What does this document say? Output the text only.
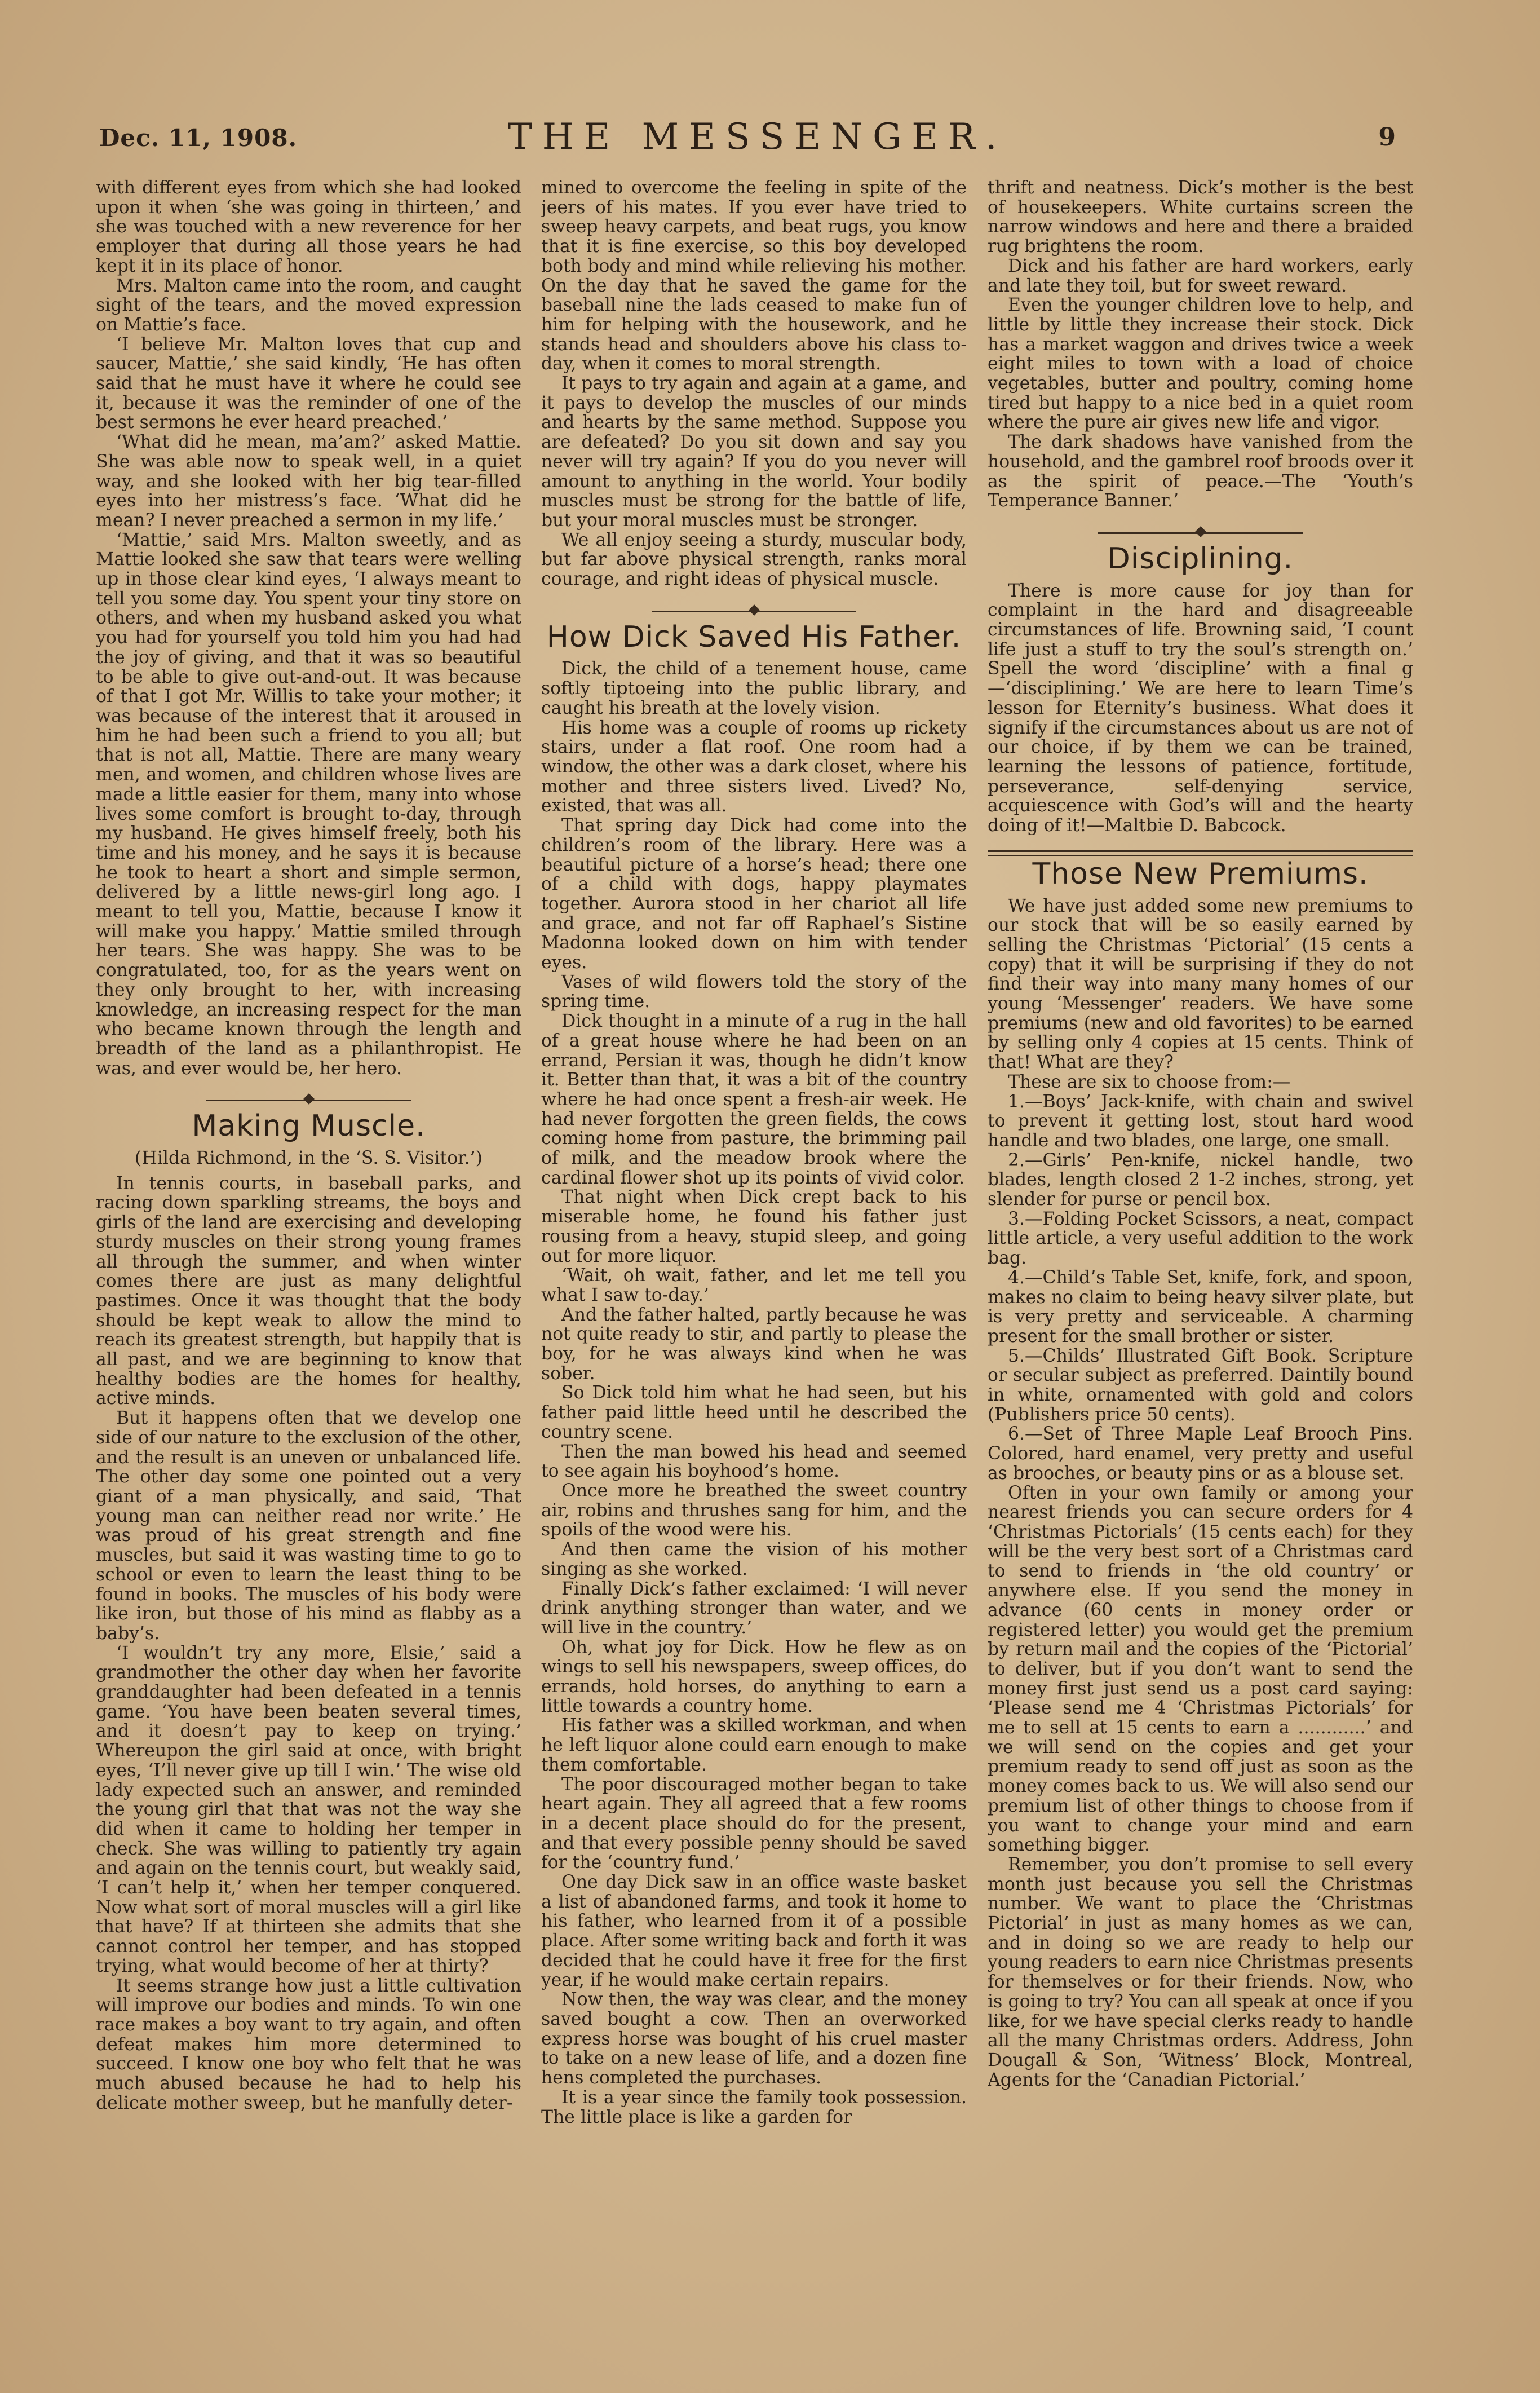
Dec. 11, 1908.	THE MESSENGER.	9

with different eyes from which she had looked upon it when ‘she was going in thirteen,’ and she was touched with a new reverence for her employer that during all those years he had kept it in its place of honor.

Mrs. Malton came into the room, and caught sight of the tears, and the moved expression on Mattie’s face.

‘I believe Mr. Malton loves that cup and saucer, Mattie,’ she said kindly, ‘He has often said that he must have it where he could see it, because it was the reminder of one of the best sermons he ever heard preached.’

‘What did he mean, ma’am?’ asked Mattie. She was able now to speak well, in a quiet way, and she looked with her big tear-filled eyes into her mistress’s face. ‘What did he mean? I never preached a sermon in my life.’

‘Mattie,’ said Mrs. Malton sweetly, and as Mattie looked she saw that tears were welling up in those clear kind eyes, ‘I always meant to tell you some day. You spent your tiny store on others, and when my husband asked you what you had for yourself you told him you had had the joy of giving, and that it was so beautiful to be able to give out-and-out. It was because of that I got Mr. Willis to take your mother; it was because of the interest that it aroused in him he had been such a friend to you all; but that is not all, Mattie. There are many weary men, and women, and children whose lives are made a little easier for them, many into whose lives some comfort is brought to-day, through my husband. He gives himself freely, both his time and his money, and he says it is because he took to heart a short and simple sermon, delivered by a little news-girl long ago. I meant to tell you, Mattie, because I know it will make you happy.’ Mattie smiled through her tears. She was happy. She was to be congratulated, too, for as the years went on they only brought to her, with increasing knowledge, an increasing respect for the man who became known through the length and breadth of the land as a philanthropist. He was, and ever would be, her hero.

Making Muscle.

(Hilda Richmond, in the ‘S. S. Visitor.’)

In tennis courts, in baseball parks, and racing down sparkling streams, the boys and girls of the land are exercising and developing sturdy muscles on their strong young frames all through the summer, and when winter comes there are just as many delightful pastimes. Once it was thought that the body should be kept weak to allow the mind to reach its greatest strength, but happily that is all past, and we are beginning to know that healthy bodies are the homes for healthy, active minds.

But it happens often that we develop one side of our nature to the exclusion of the other, and the result is an uneven or unbalanced life. The other day some one pointed out a very giant of a man physically, and said, ‘That young man can neither read nor write.’ He was proud of his great strength and fine muscles, but said it was wasting time to go to school or even to learn the least thing to be found in books. The muscles of his body were like iron, but those of his mind as flabby as a baby’s.

‘I wouldn’t try any more, Elsie,’ said a grandmother the other day when her favorite granddaughter had been defeated in a tennis game. ‘You have been beaten several times, and it doesn’t pay to keep on trying.’ Whereupon the girl said at once, with bright eyes, ‘I’ll never give up till I win.’ The wise old lady expected such an answer, and reminded the young girl that that was not the way she did when it came to holding her temper in check. She was willing to patiently try again and again on the tennis court, but weakly said, ‘I can’t help it,’ when her temper conquered. Now what sort of moral muscles will a girl like that have? If at thirteen she admits that she cannot control her temper, and has stopped trying, what would become of her at thirty?

It seems strange how just a little cultivation will improve our bodies and minds. To win one race makes a boy want to try again, and often defeat makes him more determined to succeed. I know one boy who felt that he was much abused because he had to help his delicate mother sweep, but he manfully deter-

mined to overcome the feeling in spite of the jeers of his mates. If you ever have tried to sweep heavy carpets, and beat rugs, you know that it is fine exercise, so this boy developed both body and mind while relieving his mother. On the day that he saved the game for the baseball nine the lads ceased to make fun of him for helping with the housework, and he stands head and shoulders above his class to-day, when it comes to moral strength.

It pays to try again and again at a game, and it pays to develop the muscles of our minds and hearts by the same method. Suppose you are defeated? Do you sit down and say you never will try again? If you do you never will amount to anything in the world. Your bodily muscles must be strong for the battle of life, but your moral muscles must be stronger.

We all enjoy seeing a sturdy, muscular body, but far above physical strength, ranks moral courage, and right ideas of physical muscle.

How Dick Saved His Father.

Dick, the child of a tenement house, came softly tiptoeing into the public library, and caught his breath at the lovely vision.

His home was a couple of rooms up rickety stairs, under a flat roof. One room had a window, the other was a dark closet, where his mother and three sisters lived. Lived? No, existed, that was all.

That spring day Dick had come into the children’s room of the library. Here was a beautiful picture of a horse’s head; there one of a child with dogs, happy playmates together. Aurora stood in her chariot all life and grace, and not far off Raphael’s Sistine Madonna looked down on him with tender eyes.

Vases of wild flowers told the story of the spring time.

Dick thought in a minute of a rug in the hall of a great house where he had been on an errand, Persian it was, though he didn’t know it. Better than that, it was a bit of the country where he had once spent a fresh-air week. He had never forgotten the green fields, the cows coming home from pasture, the brimming pail of milk, and the meadow brook where the cardinal flower shot up its points of vivid color.

That night when Dick crept back to his miserable home, he found his father just rousing from a heavy, stupid sleep, and going out for more liquor.

‘Wait, oh wait, father, and let me tell you what I saw to-day.’

And the father halted, partly because he was not quite ready to stir, and partly to please the boy, for he was always kind when he was sober.

So Dick told him what he had seen, but his father paid little heed until he described the country scene.

Then the man bowed his head and seemed to see again his boyhood’s home.

Once more he breathed the sweet country air, robins and thrushes sang for him, and the spoils of the wood were his.

And then came the vision of his mother singing as she worked.

Finally Dick’s father exclaimed: ‘I will never drink anything stronger than water, and we will live in the country.’

Oh, what joy for Dick. How he flew as on wings to sell his newspapers, sweep offices, do errands, hold horses, do anything to earn a little towards a country home.

His father was a skilled workman, and when he left liquor alone could earn enough to make them comfortable.

The poor discouraged mother began to take heart again. They all agreed that a few rooms in a decent place should do for the present, and that every possible penny should be saved for the ‘country fund.’

One day Dick saw in an office waste basket a list of abandoned farms, and took it home to his father, who learned from it of a possible place. After some writing back and forth it was decided that he could have it free for the first year, if he would make certain repairs.

Now then, the way was clear, and the money saved bought a cow. Then an overworked express horse was bought of his cruel master to take on a new lease of life, and a dozen fine hens completed the purchases.

It is a year since the family took possession. The little place is like a garden for

thrift and neatness. Dick’s mother is the best of housekeepers. White curtains screen the narrow windows and here and there a braided rug brightens the room.

Dick and his father are hard workers, early and late they toil, but for sweet reward.

Even the younger children love to help, and little by little they increase their stock. Dick has a market waggon and drives twice a week eight miles to town with a load of choice vegetables, butter and poultry, coming home tired but happy to a nice bed in a quiet room where the pure air gives new life and vigor.

The dark shadows have vanished from the household, and the gambrel roof broods over it as the spirit of peace.—The ‘Youth’s Temperance Banner.’

Disciplining.

There is more cause for joy than for complaint in the hard and disagreeable circumstances of life. Browning said, ‘I count life just a stuff to try the soul’s strength on.’ Spell the word ‘discipline’ with a final g—‘disciplining.’ We are here to learn Time’s lesson for Eternity’s business. What does it signify if the circumstances about us are not of our choice, if by them we can be trained, learning the lessons of patience, fortitude, perseverance, self-denying service, acquiescence with God’s will and the hearty doing of it!—Maltbie D. Babcock.

Those New Premiums.

We have just added some new premiums to our stock that will be so easily earned by selling the Christmas ‘Pictorial’ (15 cents a copy) that it will be surprising if they do not find their way into many many homes of our young ‘Messenger’ readers. We have some premiums (new and old favorites) to be earned by selling only 4 copies at 15 cents. Think of that! What are they?

These are six to choose from:—

1.—Boys’ Jack-knife, with chain and swivel to prevent it getting lost, stout hard wood handle and two blades, one large, one small.

2.—Girls’ Pen-knife, nickel handle, two blades, length closed 2 1-2 inches, strong, yet slender for purse or pencil box.

3.—Folding Pocket Scissors, a neat, compact little article, a very useful addition to the work bag.

4.—Child’s Table Set, knife, fork, and spoon, makes no claim to being heavy silver plate, but is very pretty and serviceable. A charming present for the small brother or sister.

5.—Childs’ Illustrated Gift Book. Scripture or secular subject as preferred. Daintily bound in white, ornamented with gold and colors (Publishers price 50 cents).

6.—Set of Three Maple Leaf Brooch Pins. Colored, hard enamel, very pretty and useful as brooches, or beauty pins or as a blouse set.

Often in your own family or among your nearest friends you can secure orders for 4 ‘Christmas Pictorials’ (15 cents each) for they will be the very best sort of a Christmas card to send to friends in ‘the old country’ or anywhere else. If you send the money in advance (60 cents in money order or registered letter) you would get the premium by return mail and the copies of the ‘Pictorial’ to deliver, but if you don’t want to send the money first just send us a post card saying: ‘Please send me 4 ‘Christmas Pictorials’ for me to sell at 15 cents to earn a ............’ and we will send on the copies and get your premium ready to send off just as soon as the money comes back to us. We will also send our premium list of other things to choose from if you want to change your mind and earn something bigger.

Remember, you don’t promise to sell every month just because you sell the Christmas number. We want to place the ‘Christmas Pictorial’ in just as many homes as we can, and in doing so we are ready to help our young readers to earn nice Christmas presents for themselves or for their friends. Now, who is going to try? You can all speak at once if you like, for we have special clerks ready to handle all the many Christmas orders. Address, John Dougall & Son, ‘Witness’ Block, Montreal, Agents for the ‘Canadian Pictorial.’
